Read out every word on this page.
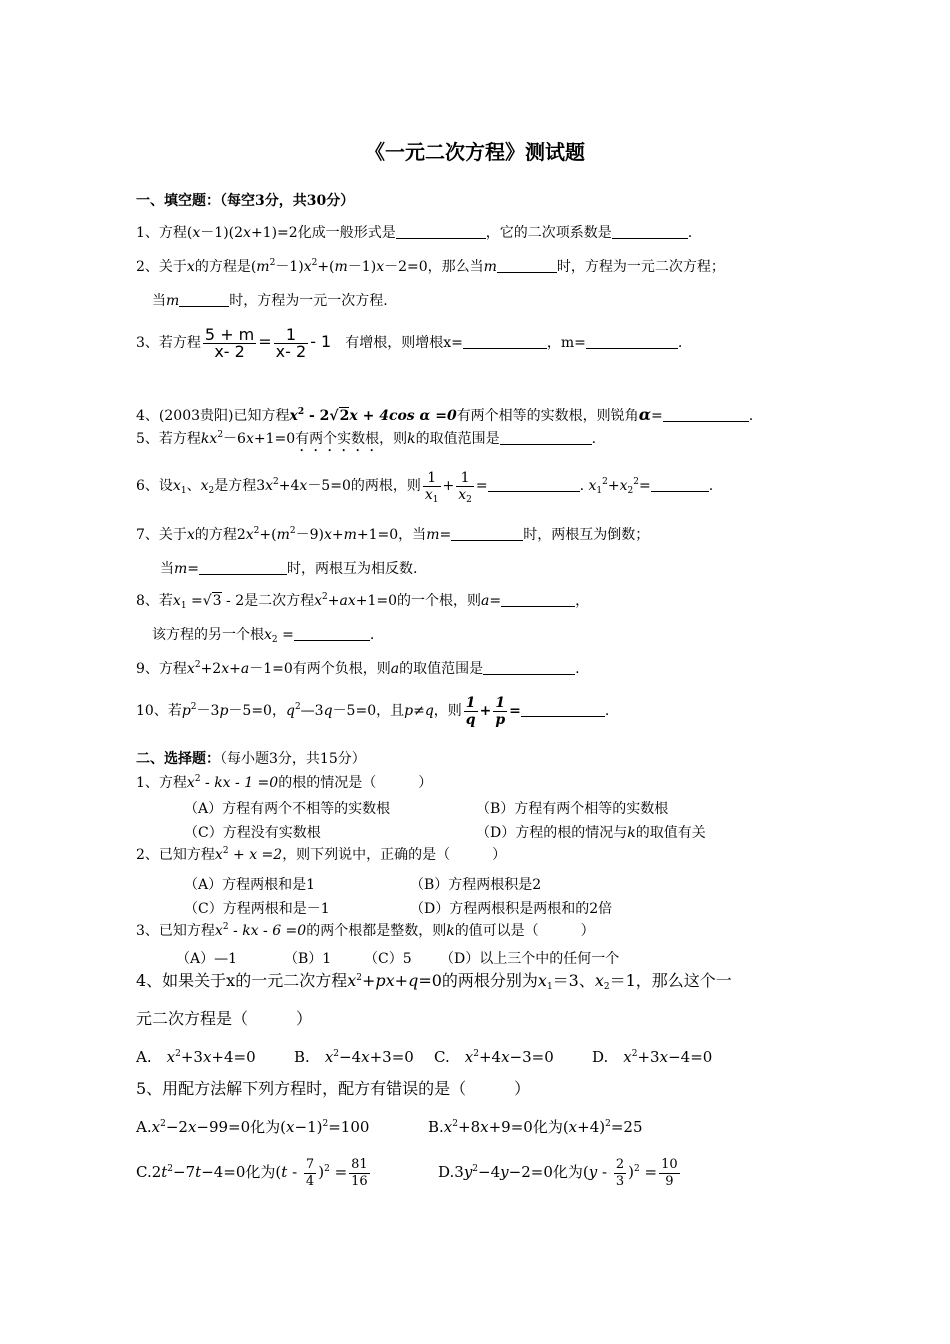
《一元二次方程》测试题
一、填空题：（每空3分，共30分）
1、方程(x－1)(2x+1)=2化成一般形式是	，它的二次项系数是	.
2、关于x的方程是$(m^2-1)x^2+(m-1)x-2=0$，那么当m	时，方程为一元二次方程；
当m	时，方程为一元一次方程.
3、若方程 $\frac{5 + m}{x- 2} = \frac{1}{x- 2} - 1$　 有增根，则增根x=	，m=	.
4、(2003贵阳)已知方程$x^2 - 2√2x + 4\cos$ α =0有两个相等的实数根，则锐角α=	.
5、若方程$kx^2-6x+1=0$有两个实数根，则k的取值范围是	.
6、设$x_1$、$x_2$是方程$3x^2+4x-5=0$的两根，则 $\frac{1}{x_1} + \frac{1}{x_2}$ =	. $x_1^2+x_2^2=$	.
7、关于x的方程$2x^2+(m^2-9)x+m+1=0$，当m=	时，两根互为倒数；
当m=	时，两根互为相反数.
8、若$x_1 =√3 - 2$是二次方程$x^2+ax+1=0$的一个根，则a=	，
该方程的另一个根$x_2$ =	.
9、方程$x^2+2x+a-1=0$有两个负根，则a的取值范围是	.
10、若$p^2-3p-5=0$，$q^2—3q-5=0$，且p≠q，则 $\frac{1}{q} + \frac{1}{p}$ =	.
二、选择题：（每小题3分，共15分）
1、方程$x^2$ - kx - 1 =0的根的情况是（　　　）
（A）方程有两个不相等的实数根	（B）方程有两个相等的实数根
（C）方程没有实数根	（D）方程的根的情况与k的取值有关
2、已知方程$x^2 + x =2$，则下列说中，正确的是（　　　）
（A）方程两根和是1	（B）方程两根积是2
（C）方程两根和是－1	（D）方程两根积是两根和的2倍
3、已知方程$x^2$ - kx - 6 =0的两个根都是整数，则k的值可以是（　　　）
（A）—1	（B）1 （C）5 （D）以上三个中的任何一个
4、如果关于x的一元二次方程$x^2+px+q=0$的两根分别为$x_1=3$、$x_2=1$，那么这个一
元二次方程是（　　　）
A.　 $x^2+3x+4=0$	B.　 $x^2-4x+3=0$ C.　 $x^2+4x-3=0$	D.　 $x^2+3x-4=0$
5、用配方法解下列方程时，配方有错误的是（　　　）
$A.x^2-2x-99=0$化为$(x-1)^2=100$	$B.x^2+8x+9=0$化为$(x+4)^2=25$
$C.2t^2-7t-4=0$化为$(t - \frac{7}{4} )^2 = \frac{81}{16}$	$D.3y^2-4y-2=0$化为$(y - \frac{2}{3} )^2 = \frac{10}{9}$
